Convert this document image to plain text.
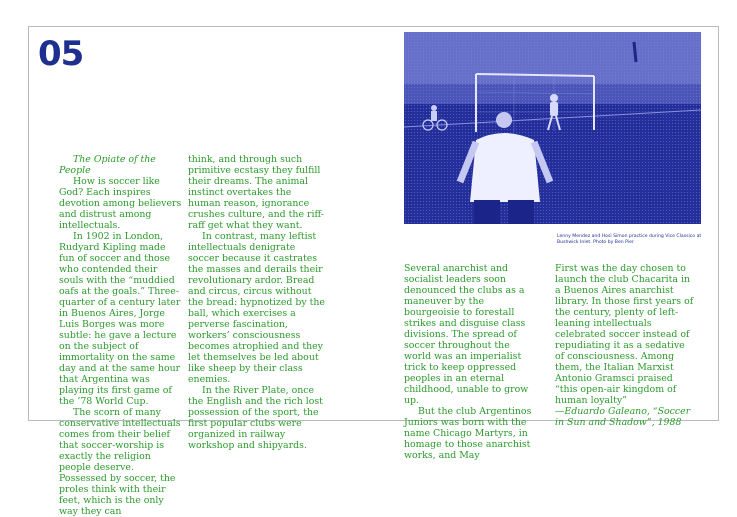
05

The Opiate of the People

How is soccer like God? Each inspires devotion among believers and distrust among intellectuals.

In 1902 in London, Rudyard Kipling made fun of soccer and those who contended their souls with the “muddied oafs at the goals.” Three-quarter of a century later in Buenos Aires, Jorge Luis Borges was more subtle: he gave a lecture on the subject of immortality on the same day and at the same hour that Argentina was playing its first game of the ’78 World Cup.

The scorn of many conservative intellectuals comes from their belief that soccer-worship is exactly the religion people deserve. Possessed by soccer, the proles think with their feet, which is the only way they can

think, and through such primitive ecstasy they fulfill their dreams. The animal instinct overtakes the human reason, ignorance crushes culture, and the riff-raff get what they want.

In contrast, many leftist intellectuals denigrate soccer because it castrates the masses and derails their revolutionary ardor. Bread and circus, circus without the bread: hypnotized by the ball, which exercises a perverse fascination, workers’ consciousness becomes atrophied and they let themselves be led about like sheep by their class enemies.

In the River Plate, once the English and the rich lost possession of the sport, the first popular clubs were organized in railway workshop and shipyards.

Lenny Mendez and Hosi Simon practice during Vice Classico at Bushwick Inlet. Photo by Ben Pier

Several anarchist and socialist leaders soon denounced the clubs as a maneuver by the bourgeoisie to forestall strikes and disguise class divisions. The spread of soccer throughout the world was an imperialist trick to keep oppressed peoples in an eternal childhood, unable to grow up.

But the club Argentinos Juniors was born with the name Chicago Martyrs, in homage to those anarchist works, and May

First was the day chosen to launch the club Chacarita in a Buenos Aires anarchist library. In those first years of the century, plenty of left-leaning intellectuals celebrated soccer instead of repudiating it as a sedative of consciousness. Among them, the Italian Marxist Antonio Gramsci praised “this open-air kingdom of human loyalty”

—Eduardo Galeano, “Soccer in Sun and Shadow”, 1988
